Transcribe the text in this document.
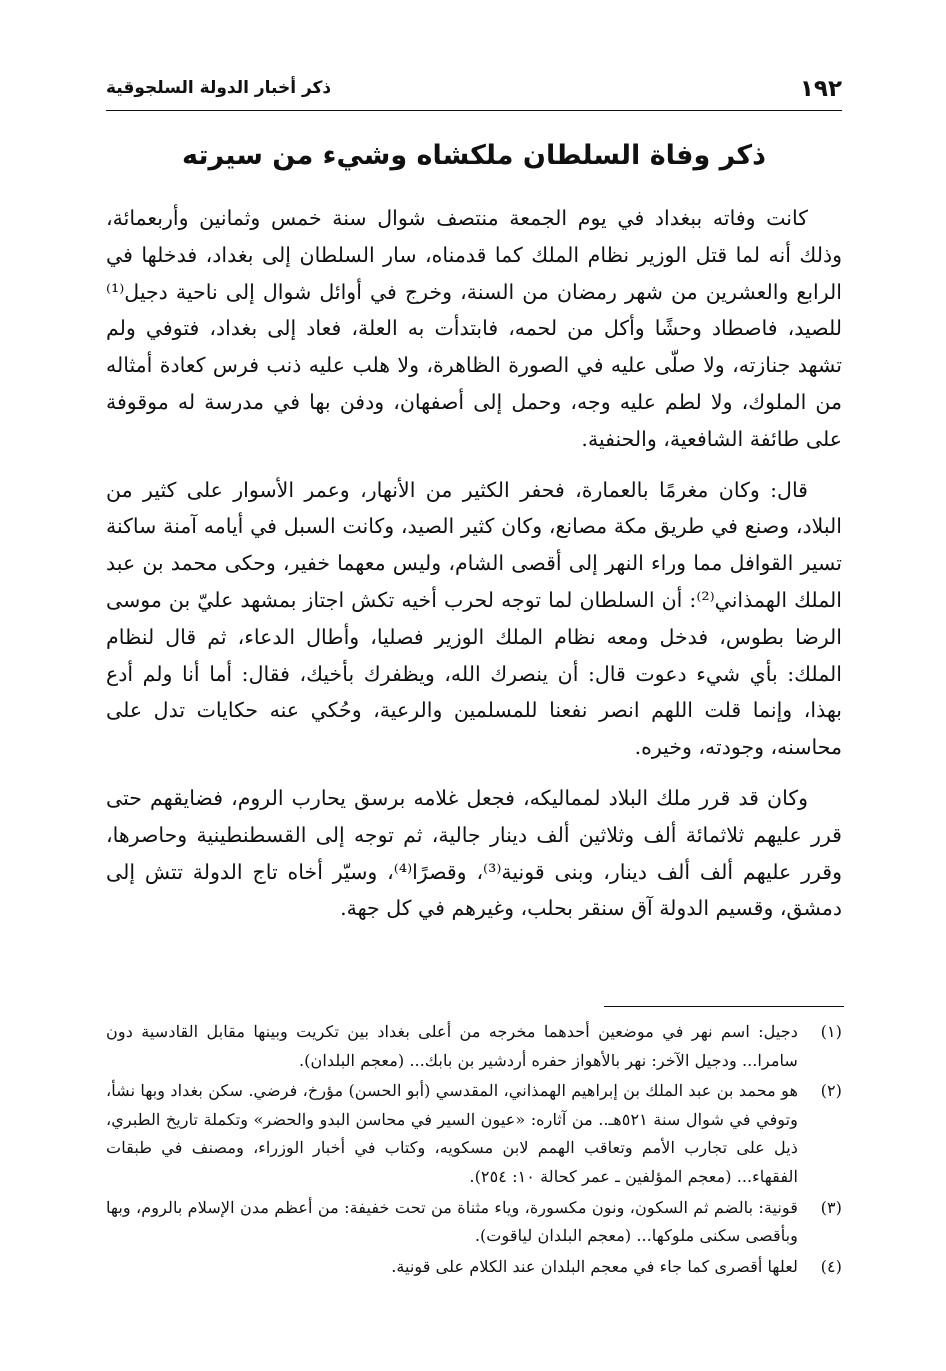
١٩٢
ذكر أخبار الدولة السلجوقية
ذكر وفاة السلطان ملكشاه وشيء من سيرته

كانت وفاته ببغداد في يوم الجمعة منتصف شوال سنة خمس وثمانين وأربعمائة، وذلك أنه لما قتل الوزير نظام الملك كما قدمناه، سار السلطان إلى بغداد، فدخلها في الرابع والعشرين من شهر رمضان من السنة، وخرج في أوائل شوال إلى ناحية دجيل⁽¹⁾ للصيد، فاصطاد وحشًا وأكل من لحمه، فابتدأت به العلة، فعاد إلى بغداد، فتوفي ولم تشهد جنازته، ولا صلّى عليه في الصورة الظاهرة، ولا هلب عليه ذنب فرس كعادة أمثاله من الملوك، ولا لطم عليه وجه، وحمل إلى أصفهان، ودفن بها في مدرسة له موقوفة على طائفة الشافعية، والحنفية.

قال: وكان مغرمًا بالعمارة، فحفر الكثير من الأنهار، وعمر الأسوار على كثير من البلاد، وصنع في طريق مكة مصانع، وكان كثير الصيد، وكانت السبل في أيامه آمنة ساكنة تسير القوافل مما وراء النهر إلى أقصى الشام، وليس معهما خفير، وحكى محمد بن عبد الملك الهمذاني⁽²⁾: أن السلطان لما توجه لحرب أخيه تكش اجتاز بمشهد عليّ بن موسى الرضا بطوس، فدخل ومعه نظام الملك الوزير فصليا، وأطال الدعاء، ثم قال لنظام الملك: بأي شيء دعوت قال: أن ينصرك الله، ويظفرك بأخيك، فقال: أما أنا ولم أدع بهذا، وإنما قلت اللهم انصر نفعنا للمسلمين والرعية، وحُكي عنه حكايات تدل على محاسنه، وجودته، وخيره.

وكان قد قرر ملك البلاد لمماليكه، فجعل غلامه برسق يحارب الروم، فضايقهم حتى قرر عليهم ثلاثمائة ألف وثلاثين ألف دينار جالية، ثم توجه إلى القسطنطينية وحاصرها، وقرر عليهم ألف ألف دينار، وبنى قونية⁽³⁾، وقصرًا⁽⁴⁾، وسيّر أخاه تاج الدولة تتش إلى دمشق، وقسيم الدولة آق سنقر بحلب، وغيرهم في كل جهة.

(١)
دجيل: اسم نهر في موضعين أحدهما مخرجه من أعلى بغداد بين تكريت وبينها مقابل القادسية دون سامرا... ودجيل الآخر: نهر بالأهواز حفره أردشير بن بابك... (معجم البلدان).
(٢)
هو محمد بن عبد الملك بن إبراهيم الهمذاني، المقدسي (أبو الحسن) مؤرخ، فرضي. سكن بغداد وبها نشأ، وتوفي في شوال سنة ٥٢١هـ.. من آثاره: «عيون السير في محاسن البدو والحضر» وتكملة تاريخ الطبري، ذيل على تجارب الأمم وتعاقب الهمم لابن مسكويه، وكتاب في أخبار الوزراء، ومصنف في طبقات الفقهاء... (معجم المؤلفين ـ عمر كحالة ١٠: ٢٥٤).
(٣)
قونية: بالضم ثم السكون، ونون مكسورة، وياء مثناة من تحت خفيفة: من أعظم مدن الإسلام بالروم، وبها وبأقصى سكنى ملوكها... (معجم البلدان لياقوت).
(٤)
لعلها أقصرى كما جاء في معجم البلدان عند الكلام على قونية.
